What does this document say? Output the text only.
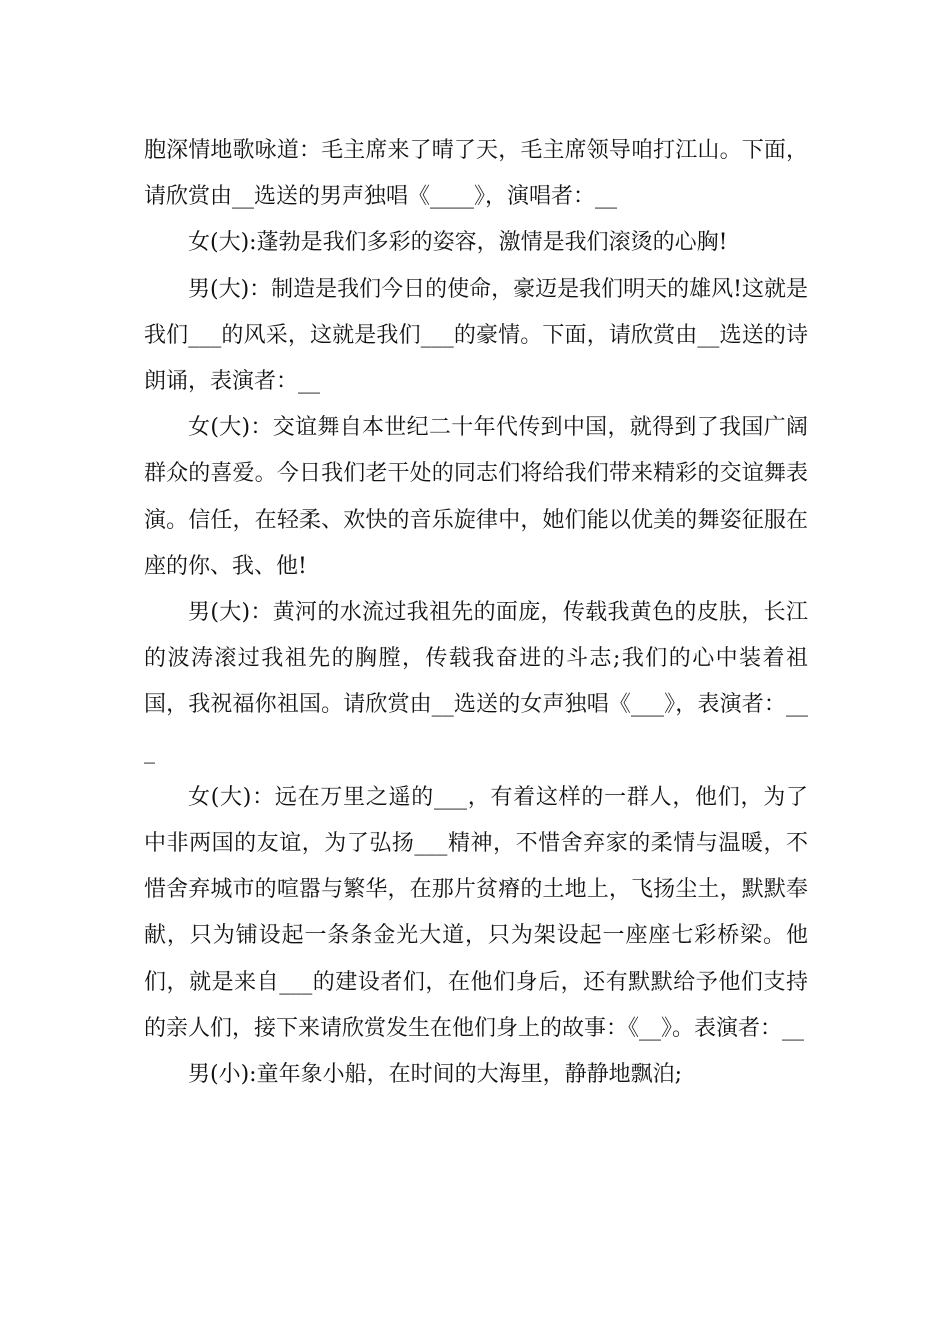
胞深情地歌咏道：毛主席来了晴了天，毛主席领导咱打江山。下面，请欣赏由__选送的男声独唱《____》，演唱者：__

女(大):蓬勃是我们多彩的姿容，激情是我们滚烫的心胸!

男(大)：制造是我们今日的使命，豪迈是我们明天的雄风!这就是我们___的风采，这就是我们___的豪情。下面，请欣赏由__选送的诗朗诵，表演者：__

女(大)：交谊舞自本世纪二十年代传到中国，就得到了我国广阔群众的喜爱。今日我们老干处的同志们将给我们带来精彩的交谊舞表演。信任，在轻柔、欢快的音乐旋律中，她们能以优美的舞姿征服在座的你、我、他!

男(大)：黄河的水流过我祖先的面庞，传载我黄色的皮肤，长江的波涛滚过我祖先的胸膛，传载我奋进的斗志;我们的心中装着祖国，我祝福你祖国。请欣赏由__选送的女声独唱《___》，表演者：___

女(大)：远在万里之遥的___，有着这样的一群人，他们，为了中非两国的友谊，为了弘扬___精神，不惜舍弃家的柔情与温暖，不惜舍弃城市的喧嚣与繁华，在那片贫瘠的土地上，飞扬尘土，默默奉献，只为铺设起一条条金光大道，只为架设起一座座七彩桥梁。他们，就是来自___的建设者们，在他们身后，还有默默给予他们支持的亲人们，接下来请欣赏发生在他们身上的故事：《__》。表演者：__

男(小):童年象小船，在时间的大海里，静静地飘泊;
